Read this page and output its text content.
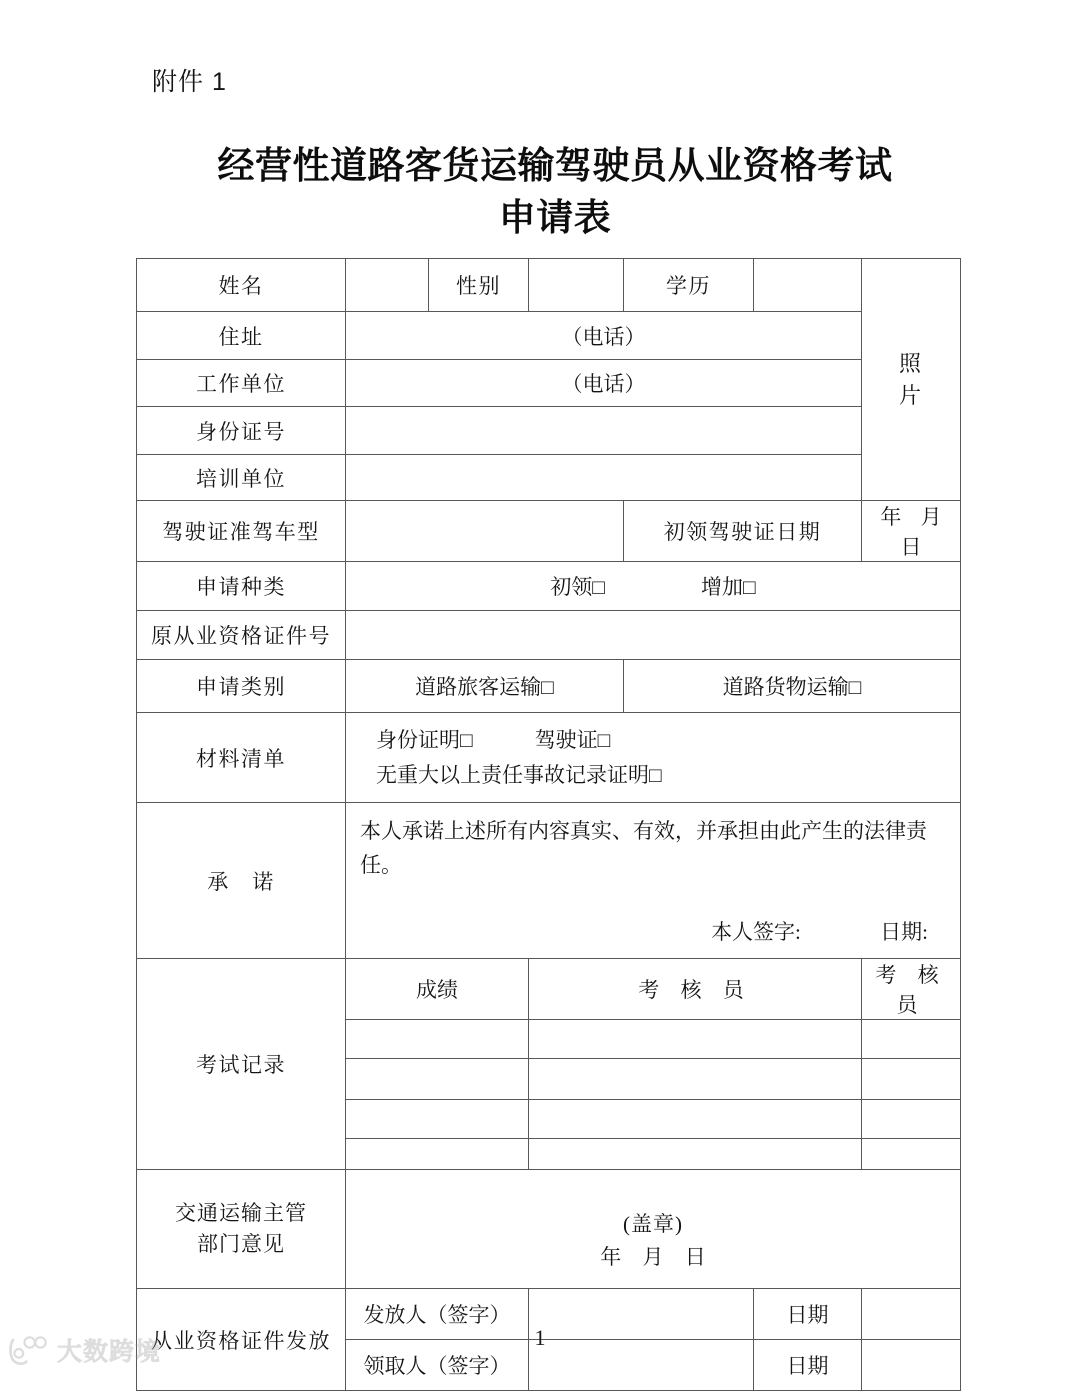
附件 1
经营性道路客货运输驾驶员从业资格考试
申请表
姓名		性别		学历		照
片

住址	（电话）					
工作单位	（电话）					
身份证号						
培训单位						
驾驶证准驾车型				初领驾驶证日期		年 月 日
申请种类	初领□ 增加□					

原从业资格证件号						
申请类别	道路旅客运输□			道路货物运输□		
材料清单	身份证明□ 驾驶证□
无重大以上责任事故记录证明□					

承　诺	本人承诺上述所有内容真实、有效，并承担由此产生的法律责任。
本人签字: 日期:					

考试记录	成绩		考 核 员			考 核 员

交通运输主管
部门意见	(盖章)
年 月 日					

从业资格证件发放	发放人（签字）				日期	
	领取人（签字）				日期	
1
大数跨境
